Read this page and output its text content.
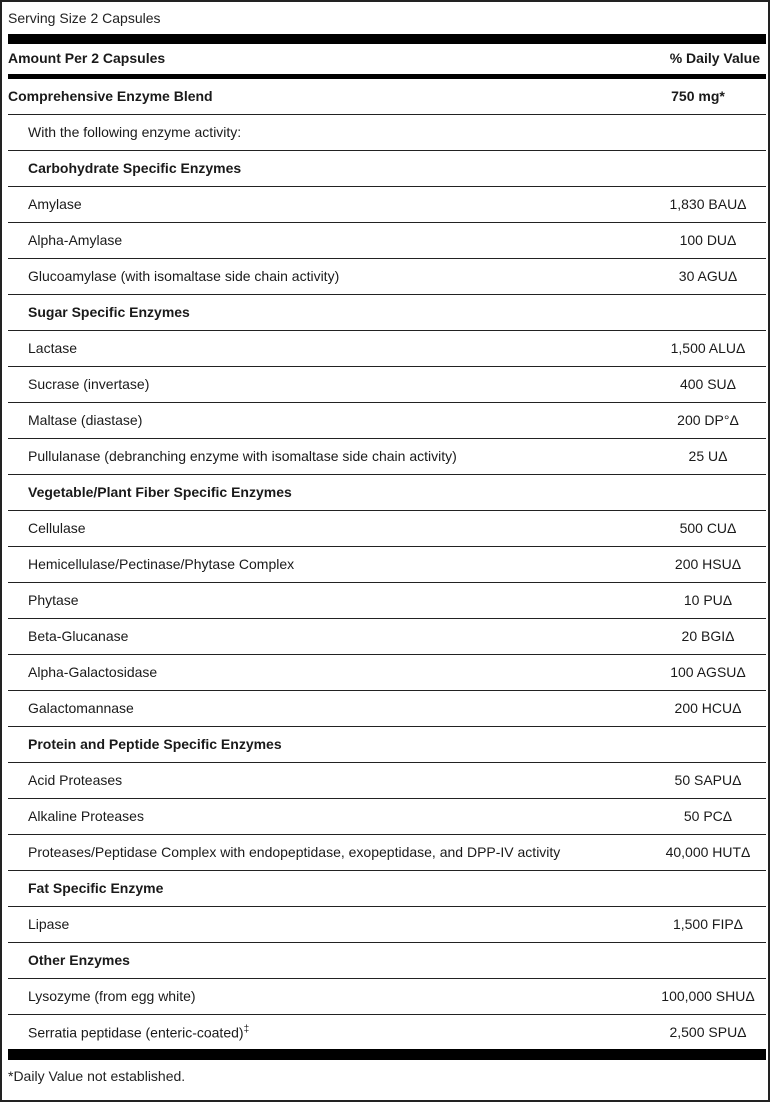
Serving Size 2 Capsules
Amount Per 2 Capsules	% Daily Value
Comprehensive Enzyme Blend	750 mg*
With the following enzyme activity:
Carbohydrate Specific Enzymes
Amylase	1,830 BAUΔ
Alpha-Amylase	100 DUΔ
Glucoamylase (with isomaltase side chain activity)	30 AGUΔ
Sugar Specific Enzymes
Lactase	1,500 ALUΔ
Sucrase (invertase)	400 SUΔ
Maltase (diastase)	200 DP°Δ
Pullulanase (debranching enzyme with isomaltase side chain activity)	25 UΔ
Vegetable/Plant Fiber Specific Enzymes
Cellulase	500 CUΔ
Hemicellulase/Pectinase/Phytase Complex	200 HSUΔ
Phytase	10 PUΔ
Beta-Glucanase	20 BGIΔ
Alpha-Galactosidase	100 AGSUΔ
Galactomannase	200 HCUΔ
Protein and Peptide Specific Enzymes
Acid Proteases	50 SAPUΔ
Alkaline Proteases	50 PCΔ
Proteases/Peptidase Complex with endopeptidase, exopeptidase, and DPP-IV activity	40,000 HUTΔ
Fat Specific Enzyme
Lipase	1,500 FIPΔ
Other Enzymes
Lysozyme (from egg white)	100,000 SHUΔ
Serratia peptidase (enteric-coated)‡	2,500 SPUΔ
*Daily Value not established.
